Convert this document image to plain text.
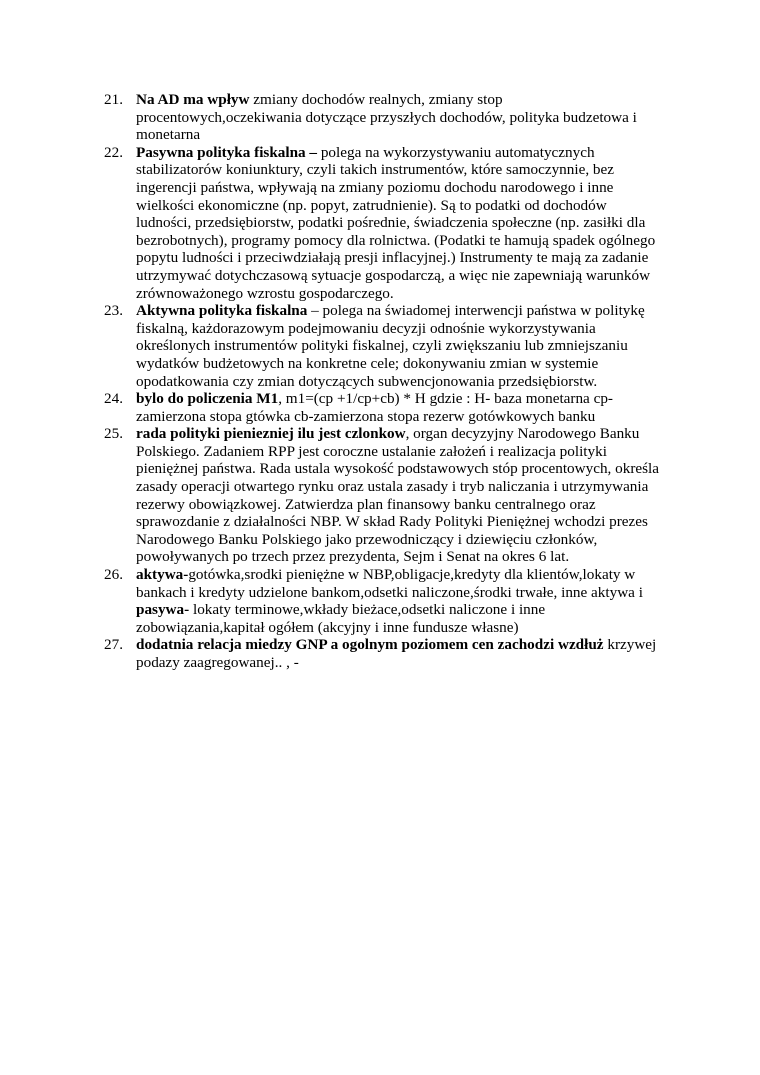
21. Na AD ma wpływ zmiany dochodów realnych, zmiany stop procentowych,oczekiwania dotyczące przyszłych dochodów, polityka budzetowa i monetarna
22. Pasywna polityka fiskalna – polega na wykorzystywaniu automatycznych stabilizatorów koniunktury, czyli takich instrumentów, które samoczynnie, bez ingerencji państwa, wpływają na zmiany poziomu dochodu narodowego i inne wielkości ekonomiczne (np. popyt, zatrudnienie). Są to podatki od dochodów ludności, przedsiębiorstw, podatki pośrednie, świadczenia społeczne (np. zasiłki dla bezrobotnych), programy pomocy dla rolnictwa. (Podatki te hamują spadek ogólnego popytu ludności i przeciwdziałają presji inflacyjnej.) Instrumenty te mają za zadanie utrzymywać dotychczasową sytuacje gospodarczą, a więc nie zapewniają warunków zrównoważonego wzrostu gospodarczego.
23. Aktywna polityka fiskalna – polega na świadomej interwencji państwa w politykę fiskalną, każdorazowym podejmowaniu decyzji odnośnie wykorzystywania określonych instrumentów polityki fiskalnej, czyli zwiększaniu lub zmniejszaniu wydatków budżetowych na konkretne cele; dokonywaniu zmian w systemie opodatkowania czy zmian dotyczących subwencjonowania przedsiębiorstw.
24. bylo do policzenia M1, m1=(cp +1/cp+cb) * H gdzie : H- baza monetarna cp-zamierzona stopa gtówka cb-zamierzona stopa rezerw gotówkowych banku
25. rada polityki pieniezniej ilu jest czlonkow, organ decyzyjny Narodowego Banku Polskiego. Zadaniem RPP jest coroczne ustalanie założeń i realizacja polityki pieniężnej państwa. Rada ustala wysokość podstawowych stóp procentowych, określa zasady operacji otwartego rynku oraz ustala zasady i tryb naliczania i utrzymywania rezerwy obowiązkowej. Zatwierdza plan finansowy banku centralnego oraz sprawozdanie z działalności NBP. W skład Rady Polityki Pieniężnej wchodzi prezes Narodowego Banku Polskiego jako przewodniczący i dziewięciu członków, powoływanych po trzech przez prezydenta, Sejm i Senat na okres 6 lat.
26. aktywa-gotówka,srodki pieniężne w NBP,obligacje,kredyty dla klientów,lokaty w bankach i kredyty udzielone bankom,odsetki naliczone,środki trwałe, inne aktywa i pasywa- lokaty terminowe,wkłady bieżace,odsetki naliczone i inne zobowiązania,kapitał ogółem (akcyjny i inne fundusze własne)
27. dodatnia relacja miedzy GNP a ogolnym poziomem cen zachodzi wzdłuż krzywej podazy zaagregowanej.. , -
